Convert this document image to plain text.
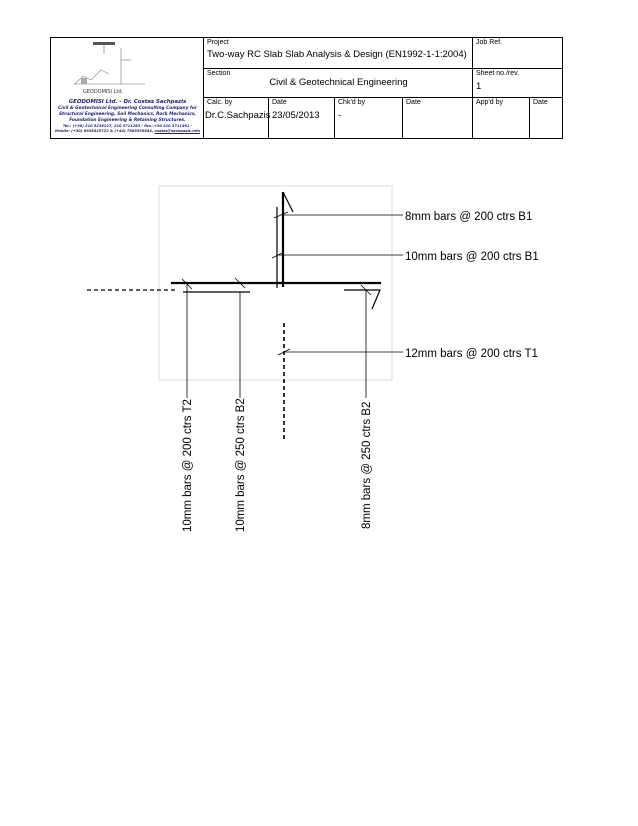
GEODOMISI Ltd.
GEODOMISI Ltd. - Dr. Costas Sachpazis
Civil & Geotechnical Engineering Consulting Company for
Structural Engineering, Soil Mechanics, Rock Mechanics,
Foundation Engineering & Retaining Structures.
Tel.: (+30) 210 5238127, 210 5711263 - Fax.:+30 210 5711461 -
Mobile: (+30) 6936425722 & (+44) 7585939944, costas@sachpazis.info
Project
Two-way RC Slab Slab Analysis & Design (EN1992-1-1:2004)
Job Ref.
Section
Civil & Geotechnical Engineering
Sheet no./rev.
1
Calc. by
Dr.C.Sachpazis
Date
23/05/2013
Chk'd by
-
Date	App'd by	Date
8mm bars @ 200 ctrs B1
10mm bars @ 200 ctrs B1
12mm bars @ 200 ctrs T1
10mm bars @ 200 ctrs T2	10mm bars @ 250 ctrs B2	8mm bars @ 250 ctrs B2
